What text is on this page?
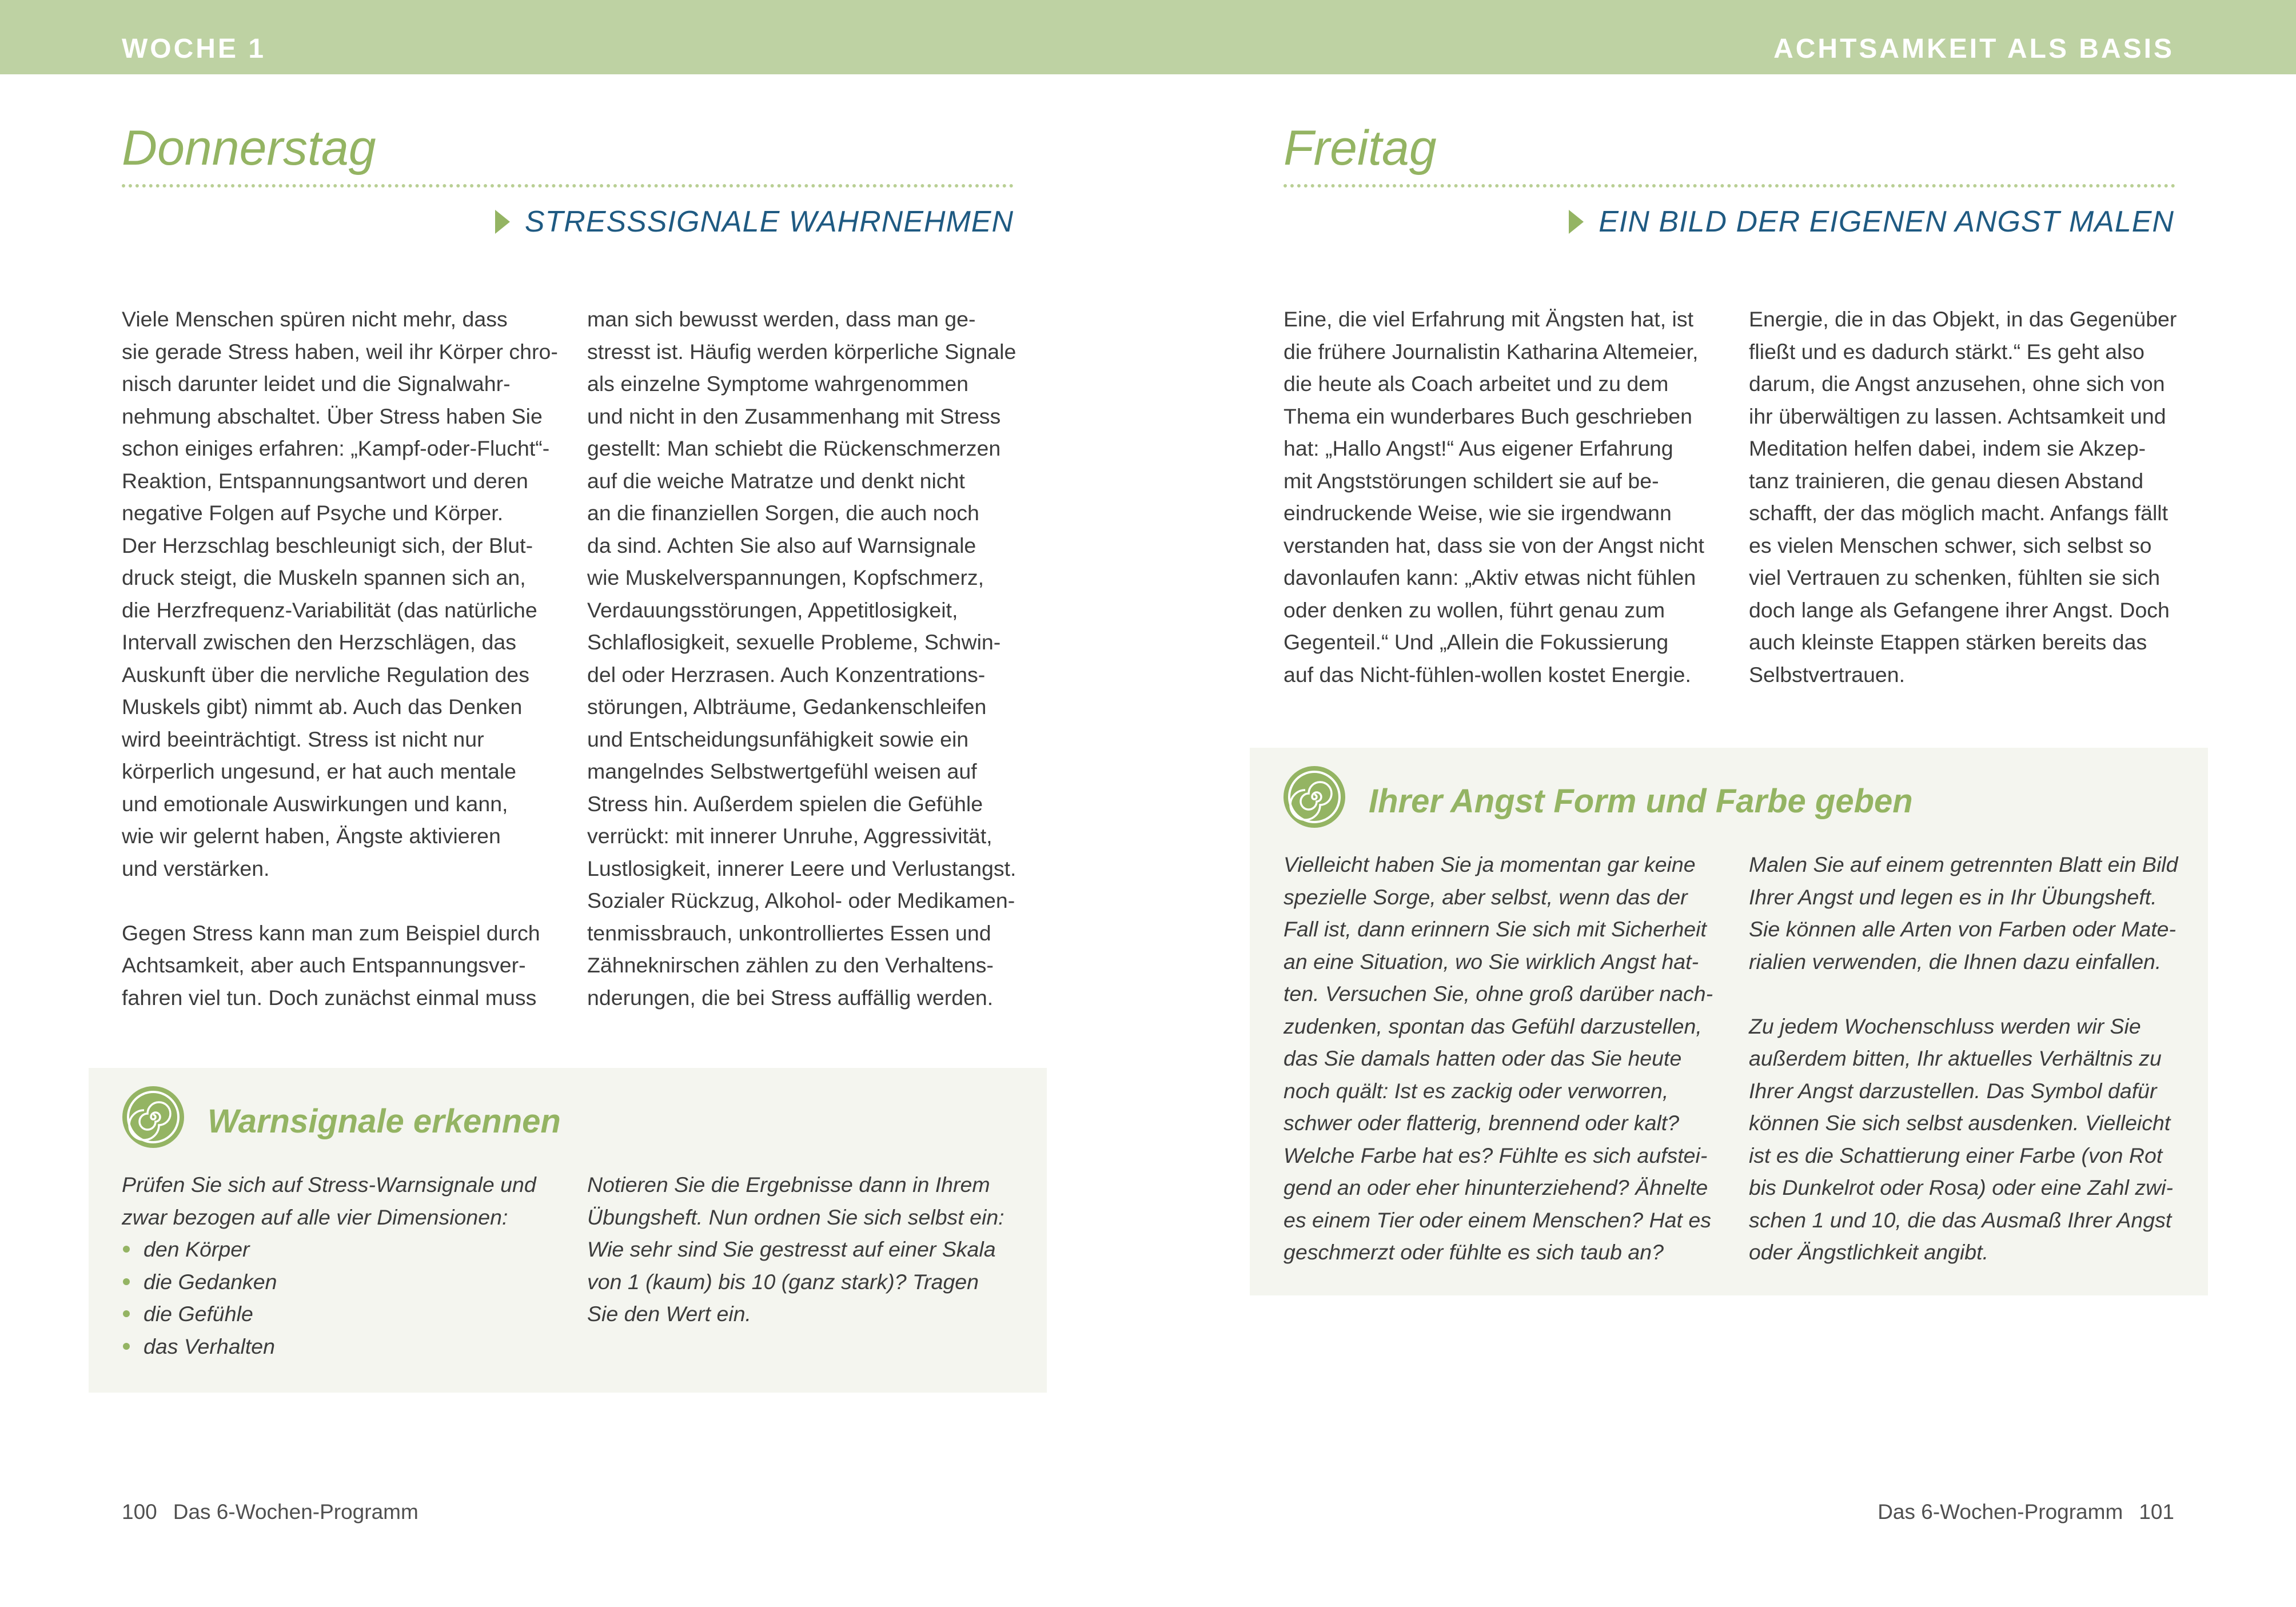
WOCHE 1	ACHTSAMKEIT ALS BASIS
Donnerstag
STRESSSIGNALE WAHRNEHMEN
Viele Menschen spüren nicht mehr, dass
sie gerade Stress haben, weil ihr Körper chro-
nisch darunter leidet und die Signalwahr-
nehmung abschaltet. Über Stress haben Sie
schon einiges erfahren: „Kampf-oder-Flucht“-
Reaktion, Entspannungsantwort und deren
negative Folgen auf Psyche und Körper.
Der Herzschlag beschleunigt sich, der Blut-
druck steigt, die Muskeln spannen sich an,
die Herzfrequenz-Variabilität (das natürliche
Intervall zwischen den Herzschlägen, das
Auskunft über die nervliche Regulation des
Muskels gibt) nimmt ab. Auch das Denken
wird beeinträchtigt. Stress ist nicht nur
körperlich ungesund, er hat auch mentale
und emotionale Auswirkungen und kann,
wie wir gelernt haben, Ängste aktivieren
und verstärken.

Gegen Stress kann man zum Beispiel durch
Achtsamkeit, aber auch Entspannungsver-
fahren viel tun. Doch zunächst einmal muss
man sich bewusst werden, dass man ge-
stresst ist. Häufig werden körperliche Signale
als einzelne Symptome wahrgenommen
und nicht in den Zusammenhang mit Stress
gestellt: Man schiebt die Rückenschmerzen
auf die weiche Matratze und denkt nicht
an die finanziellen Sorgen, die auch noch
da sind. Achten Sie also auf Warnsignale
wie Muskelverspannungen, Kopfschmerz,
Verdauungsstörungen, Appetitlosigkeit,
Schlaflosigkeit, sexuelle Probleme, Schwin-
del oder Herzrasen. Auch Konzentrations-
störungen, Albträume, Gedankenschleifen
und Entscheidungsunfähigkeit sowie ein
mangelndes Selbstwertgefühl weisen auf
Stress hin. Außerdem spielen die Gefühle
verrückt: mit innerer Unruhe, Aggressivität,
Lustlosigkeit, innerer Leere und Verlustangst.
Sozialer Rückzug, Alkohol- oder Medikamen-
tenmissbrauch, unkontrolliertes Essen und
Zähneknirschen zählen zu den Verhaltens-
nderungen, die bei Stress auffällig werden.
Warnsignale erkennen
Prüfen Sie sich auf Stress-Warnsignale und
zwar bezogen auf alle vier Dimensionen:
den Körper
die Gedanken
die Gefühle
das Verhalten
Notieren Sie die Ergebnisse dann in Ihrem
Übungsheft. Nun ordnen Sie sich selbst ein:
Wie sehr sind Sie gestresst auf einer Skala
von 1 (kaum) bis 10 (ganz stark)? Tragen
Sie den Wert ein.
100 Das 6-Wochen-Programm
Freitag
EIN BILD DER EIGENEN ANGST MALEN
Eine, die viel Erfahrung mit Ängsten hat, ist
die frühere Journalistin Katharina Altemeier,
die heute als Coach arbeitet und zu dem
Thema ein wunderbares Buch geschrieben
hat: „Hallo Angst!“ Aus eigener Erfahrung
mit Angststörungen schildert sie auf be-
eindruckende Weise, wie sie irgendwann
verstanden hat, dass sie von der Angst nicht
davonlaufen kann: „Aktiv etwas nicht fühlen
oder denken zu wollen, führt genau zum
Gegenteil.“ Und „Allein die Fokussierung
auf das Nicht-fühlen-wollen kostet Energie.
Energie, die in das Objekt, in das Gegenüber
fließt und es dadurch stärkt.“ Es geht also
darum, die Angst anzusehen, ohne sich von
ihr überwältigen zu lassen. Achtsamkeit und
Meditation helfen dabei, indem sie Akzep-
tanz trainieren, die genau diesen Abstand
schafft, der das möglich macht. Anfangs fällt
es vielen Menschen schwer, sich selbst so
viel Vertrauen zu schenken, fühlten sie sich
doch lange als Gefangene ihrer Angst. Doch
auch kleinste Etappen stärken bereits das
Selbstvertrauen.
Ihrer Angst Form und Farbe geben
Vielleicht haben Sie ja momentan gar keine
spezielle Sorge, aber selbst, wenn das der
Fall ist, dann erinnern Sie sich mit Sicherheit
an eine Situation, wo Sie wirklich Angst hat-
ten. Versuchen Sie, ohne groß darüber nach-
zudenken, spontan das Gefühl darzustellen,
das Sie damals hatten oder das Sie heute
noch quält: Ist es zackig oder verworren,
schwer oder flatterig, brennend oder kalt?
Welche Farbe hat es? Fühlte es sich aufstei-
gend an oder eher hinunterziehend? Ähnelte
es einem Tier oder einem Menschen? Hat es
geschmerzt oder fühlte es sich taub an?
Malen Sie auf einem getrennten Blatt ein Bild
Ihrer Angst und legen es in Ihr Übungsheft.
Sie können alle Arten von Farben oder Mate-
rialien verwenden, die Ihnen dazu einfallen.

Zu jedem Wochenschluss werden wir Sie
außerdem bitten, Ihr aktuelles Verhältnis zu
Ihrer Angst darzustellen. Das Symbol dafür
können Sie sich selbst ausdenken. Vielleicht
ist es die Schattierung einer Farbe (von Rot
bis Dunkelrot oder Rosa) oder eine Zahl zwi-
schen 1 und 10, die das Ausmaß Ihrer Angst
oder Ängstlichkeit angibt.
Das 6-Wochen-Programm 101
